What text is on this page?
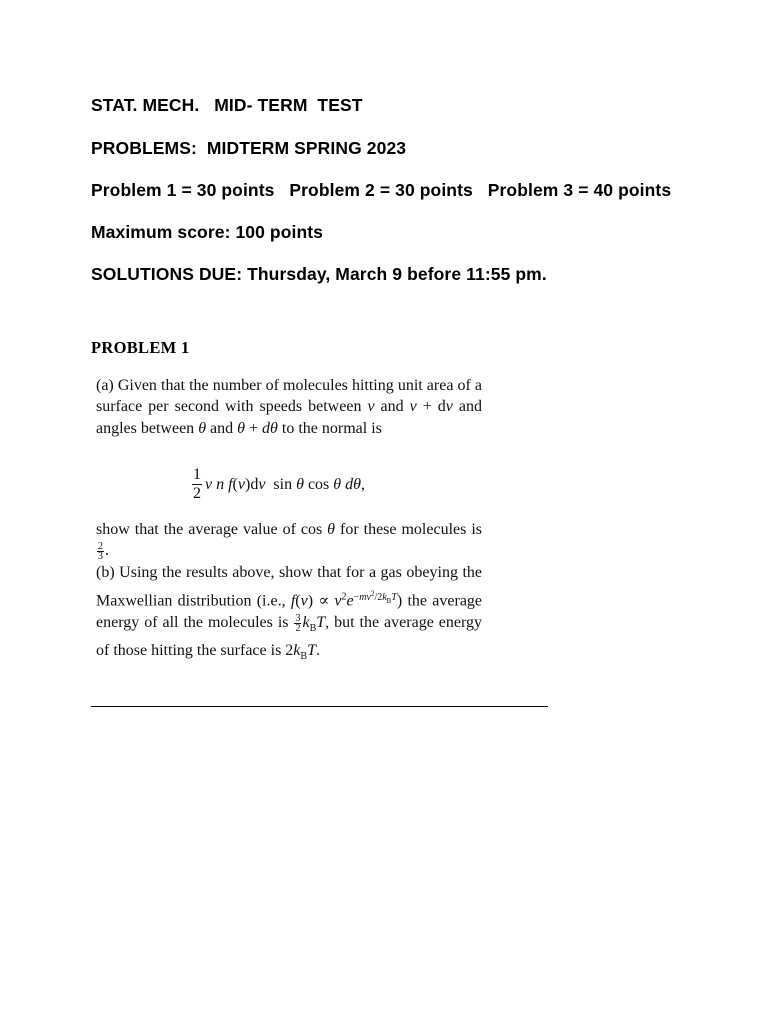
STAT. MECH.   MID- TERM  TEST
PROBLEMS:  MIDTERM SPRING 2023
Problem 1 = 30 points   Problem 2 = 30 points   Problem 3 = 40 points
Maximum score: 100 points
SOLUTIONS DUE: Thursday, March 9 before 11:55 pm.
PROBLEM 1
(a) Given that the number of molecules hitting unit area of a surface per second with speeds between v and v + dv and angles between θ and θ + dθ to the normal is
$\frac{1}{2}$ v n f(v)dv  sin θ cos θ dθ,
show that the average value of cos θ for these molecules is
$\frac{2}{3}$ .
(b) Using the results above, show that for a gas obeying the Maxwellian distribution (i.e., $f(v) \propto v^2e^{-mv^2/2k_BT}$) the average energy of all the molecules is $\frac{3}{2} k_BT$, but the average energy of those hitting the surface is $2k_BT$.
